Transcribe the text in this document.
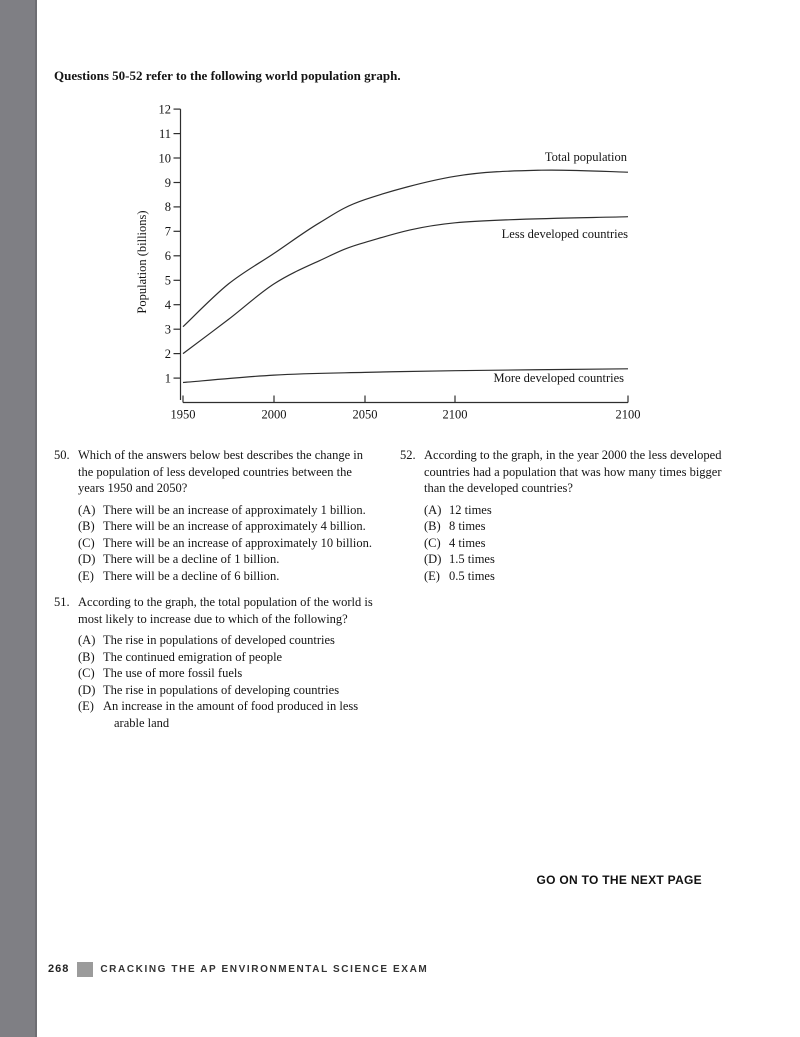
Questions 50-52 refer to the following world population graph.
1
2
3
4
5
6
7
8
9
10
11
12
1950	2000	2050	2100	2100
Population (billions)
Total population
Less developed countries
More developed countries
50. Which of the answers below best describes the change in the population of less developed countries between the years 1950 and 2050?
(A) There will be an increase of approximately 1 billion.
(B) There will be an increase of approximately 4 billion.
(C) There will be an increase of approximately 10 billion.
(D) There will be a decline of 1 billion.
(E) There will be a decline of 6 billion.
51. According to the graph, the total population of the world is most likely to increase due to which of the following?
(A) The rise in populations of developed countries
(B) The continued emigration of people
(C) The use of more fossil fuels
(D) The rise in populations of developing countries
(E) An increase in the amount of food produced in less arable land
52. According to the graph, in the year 2000 the less developed countries had a population that was how many times bigger than the developed countries?
(A) 12 times
(B) 8 times
(C) 4 times
(D) 1.5 times
(E) 0.5 times
GO ON TO THE NEXT PAGE
268	CRACKING THE AP ENVIRONMENTAL SCIENCE EXAM
